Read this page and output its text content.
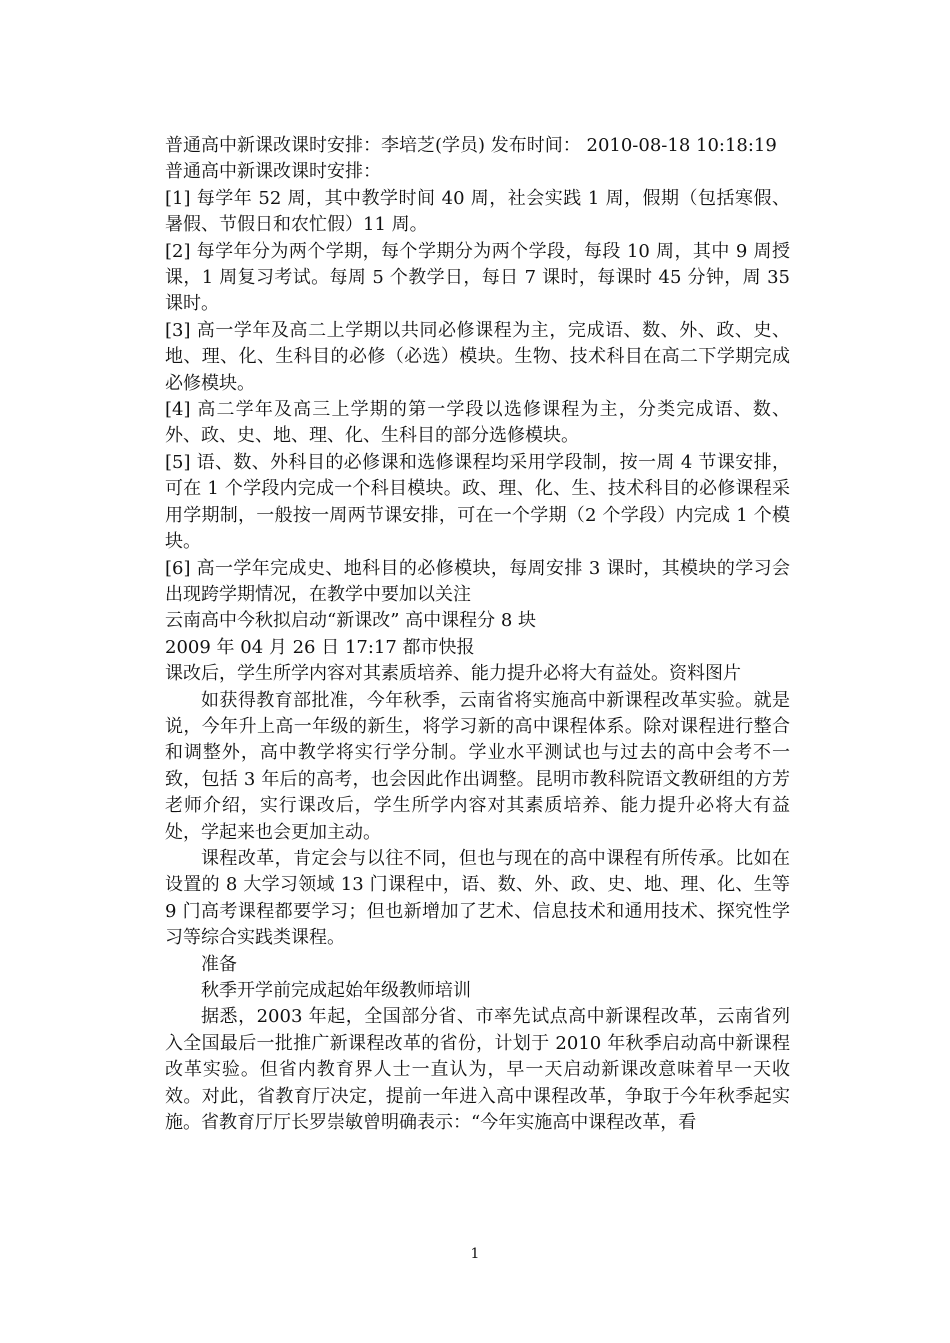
普通高中新课改课时安排：李培芝(学员) 发布时间： 2010-08-18 10:18:19
普通高中新课改课时安排：
[1] 每学年 52 周，其中教学时间 40 周，社会实践 1 周，假期（包括寒假、暑假、节假日和农忙假）11 周。
[2] 每学年分为两个学期，每个学期分为两个学段，每段 10 周，其中 9 周授课，1 周复习考试。每周 5 个教学日，每日 7 课时，每课时 45 分钟，周 35 课时。
[3] 高一学年及高二上学期以共同必修课程为主，完成语、数、外、政、史、地、理、化、生科目的必修（必选）模块。生物、技术科目在高二下学期完成必修模块。
[4] 高二学年及高三上学期的第一学段以选修课程为主，分类完成语、数、外、政、史、地、理、化、生科目的部分选修模块。
[5] 语、数、外科目的必修课和选修课程均采用学段制，按一周 4 节课安排，可在 1 个学段内完成一个科目模块。政、理、化、生、技术科目的必修课程采用学期制，一般按一周两节课安排，可在一个学期（2 个学段）内完成 1 个模块。
[6] 高一学年完成史、地科目的必修模块，每周安排 3 课时，其模块的学习会出现跨学期情况，在教学中要加以关注
云南高中今秋拟启动“新课改” 高中课程分 8 块
2009 年 04 月 26 日 17:17 都市快报
课改后，学生所学内容对其素质培养、能力提升必将大有益处。资料图片
如获得教育部批准，今年秋季，云南省将实施高中新课程改革实验。就是说，今年升上高一年级的新生，将学习新的高中课程体系。除对课程进行整合和调整外，高中教学将实行学分制。学业水平测试也与过去的高中会考不一致，包括 3 年后的高考，也会因此作出调整。昆明市教科院语文教研组的方芳老师介绍，实行课改后，学生所学内容对其素质培养、能力提升必将大有益处，学起来也会更加主动。
课程改革，肯定会与以往不同，但也与现在的高中课程有所传承。比如在设置的 8 大学习领域 13 门课程中，语、数、外、政、史、地、理、化、生等 9 门高考课程都要学习；但也新增加了艺术、信息技术和通用技术、探究性学习等综合实践类课程。
准备
秋季开学前完成起始年级教师培训
据悉，2003 年起，全国部分省、市率先试点高中新课程改革，云南省列入全国最后一批推广新课程改革的省份，计划于 2010 年秋季启动高中新课程改革实验。但省内教育界人士一直认为，早一天启动新课改意味着早一天收效。对此，省教育厅决定，提前一年进入高中课程改革，争取于今年秋季起实施。省教育厅厅长罗崇敏曾明确表示：“今年实施高中课程改革，看
1
